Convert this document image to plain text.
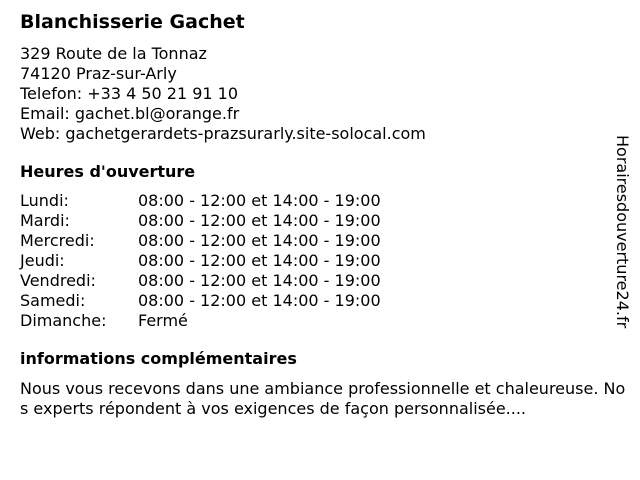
Blanchisserie Gachet
329 Route de la Tonnaz
74120 Praz-sur-Arly
Telefon: +33 4 50 21 91 10
Email: gachet.bl@orange.fr
Web: gachetgerardets-prazsurarly.site-solocal.com
Heures d'ouverture
Lundi:	08:00 - 12:00 et 14:00 - 19:00
Mardi:	08:00 - 12:00 et 14:00 - 19:00
Mercredi:	08:00 - 12:00 et 14:00 - 19:00
Jeudi:	08:00 - 12:00 et 14:00 - 19:00
Vendredi:	08:00 - 12:00 et 14:00 - 19:00
Samedi:	08:00 - 12:00 et 14:00 - 19:00
Dimanche:	Fermé
informations complémentaires
Nous vous recevons dans une ambiance professionnelle et chaleureuse. Nos experts répondent à vos exigences de façon personnalisée....
Horairesdouverture24.fr
